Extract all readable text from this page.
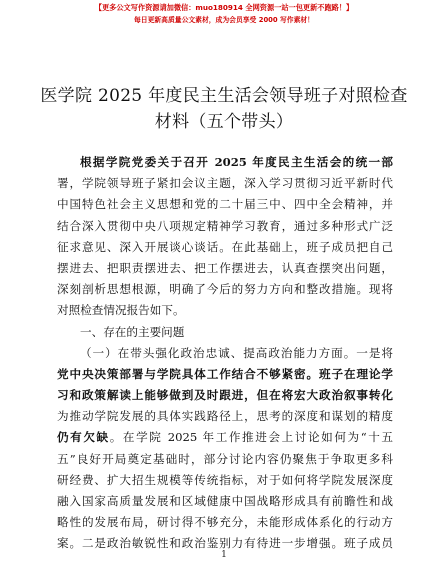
【更多公文写作资源请加微信：muo180914 全网资源一站一包更新不跑路！】
每日更新高质量公文素材，成为会员享受 2000 写作素材！
医学院 2025 年度民主生活会领导班子对照检查
材料（五个带头）

根据学院党委关于召开 2025 年度民主生活会的统一部
署，学院领导班子紧扣会议主题，深入学习贯彻习近平新时代
中国特色社会主义思想和党的二十届三中、四中全会精神，并
结合深入贯彻中央八项规定精神学习教育，通过多种形式广泛
征求意见、深入开展谈心谈话。在此基础上，班子成员把自己
摆进去、把职责摆进去、把工作摆进去，认真查摆突出问题，
深刻剖析思想根源，明确了今后的努力方向和整改措施。现将
对照检查情况报告如下。

一、存在的主要问题

（一）在带头强化政治忠诚、提高政治能力方面。一是将
党中央决策部署与学院具体工作结合不够紧密。班子在理论学
习和政策解读上能够做到及时跟进，但在将宏大政治叙事转化
为推动学院发展的具体实践路径上，思考的深度和谋划的精度
仍有欠缺。在学院 2025 年工作推进会上讨论如何为“十五
五”良好开局奠定基础时，部分讨论内容仍聚焦于争取更多科
研经费、扩大招生规模等传统指标，对于如何将学院发展深度
融入国家高质量发展和区域健康中国战略形成具有前瞻性和战
略性的发展布局，研讨得不够充分，未能形成体系化的行动方
案。二是政治敏锐性和政治鉴别力有待进一步增强。班子成员

1
